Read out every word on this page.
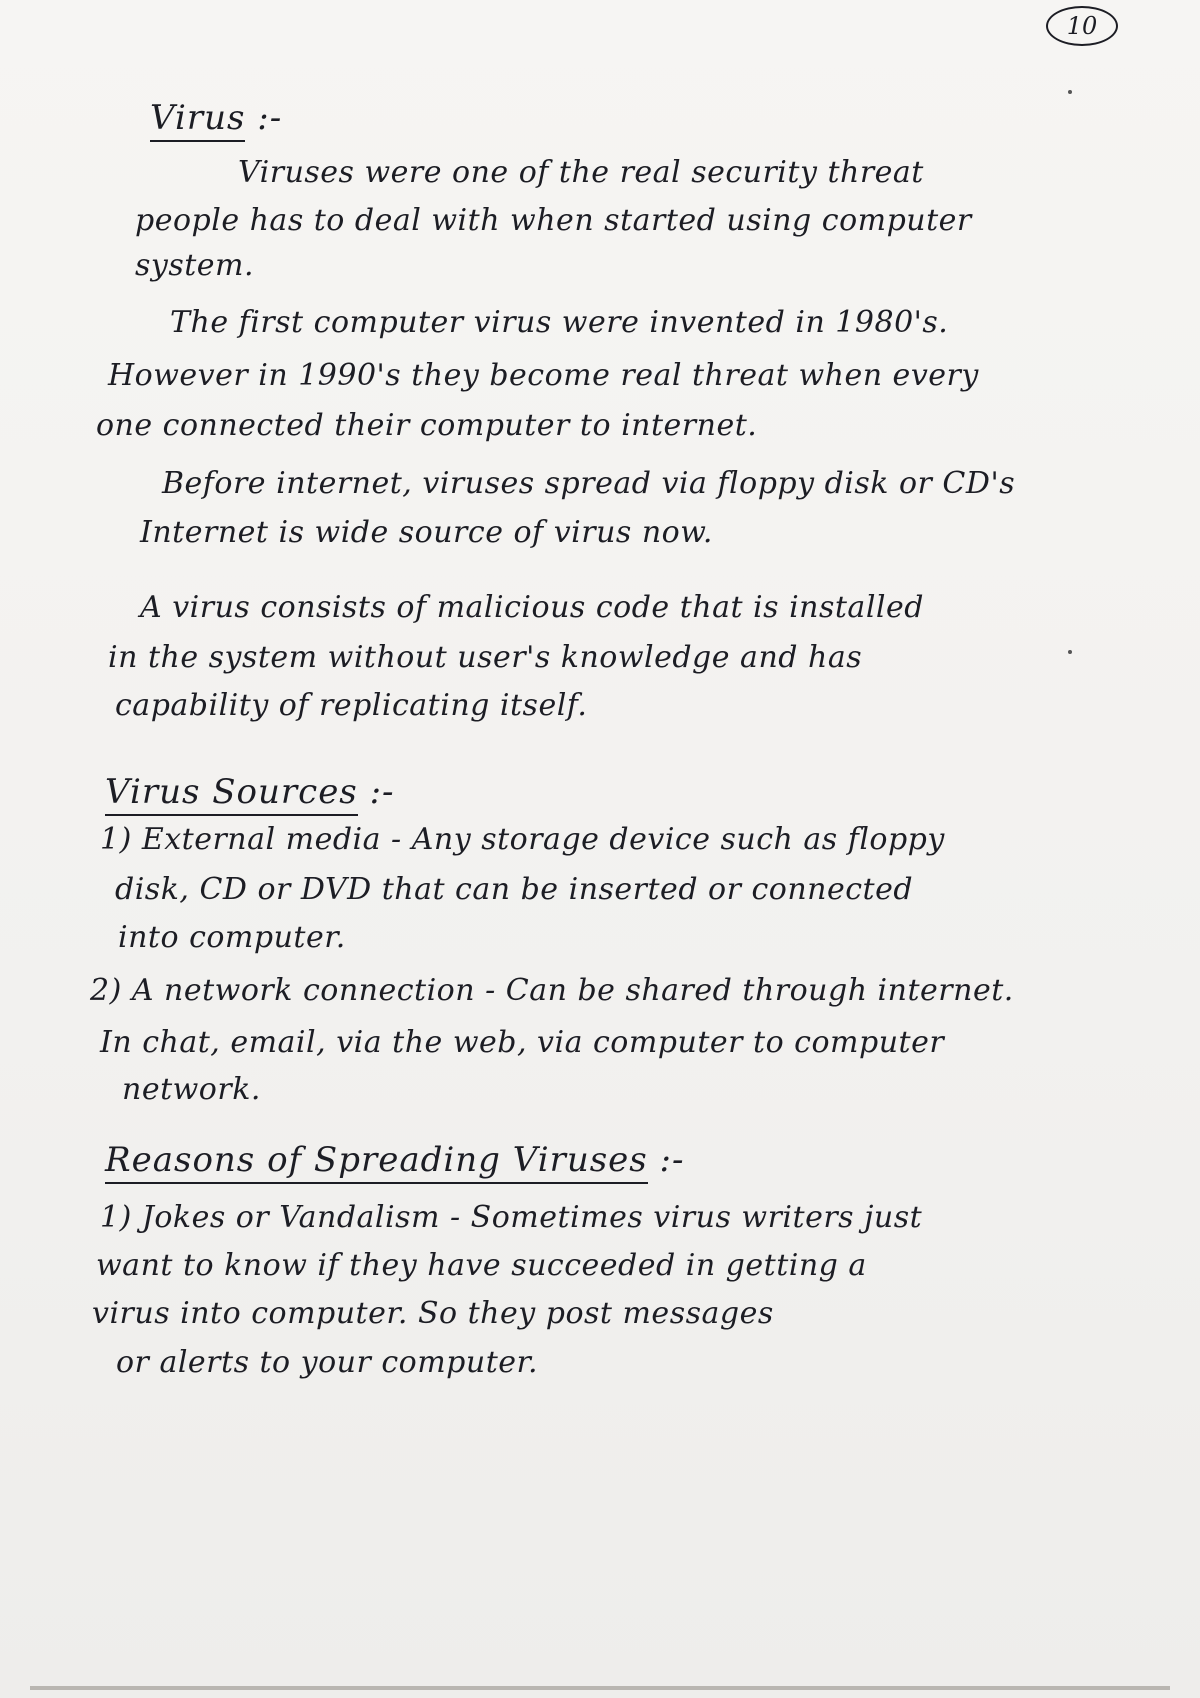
10
Virus :-
Viruses were one of the real security threat
people has to deal with when started using computer
system.
The first computer virus were invented in 1980's.
However in 1990's they become real threat when every
one connected their computer to internet.
Before internet, viruses spread via floppy disk or CD's
Internet is wide source of virus now.
A virus consists of malicious code that is installed
in the system without user's knowledge and has
capability of replicating itself.
Virus Sources :-
1) External media - Any storage device such as floppy
disk, CD or DVD that can be inserted or connected
into computer.
2) A network connection - Can be shared through internet.
In chat, email, via the web, via computer to computer
network.
Reasons of Spreading Viruses :-
1) Jokes or Vandalism - Sometimes virus writers just
want to know if they have succeeded in getting a
virus into computer. So they post messages
or alerts to your computer.
